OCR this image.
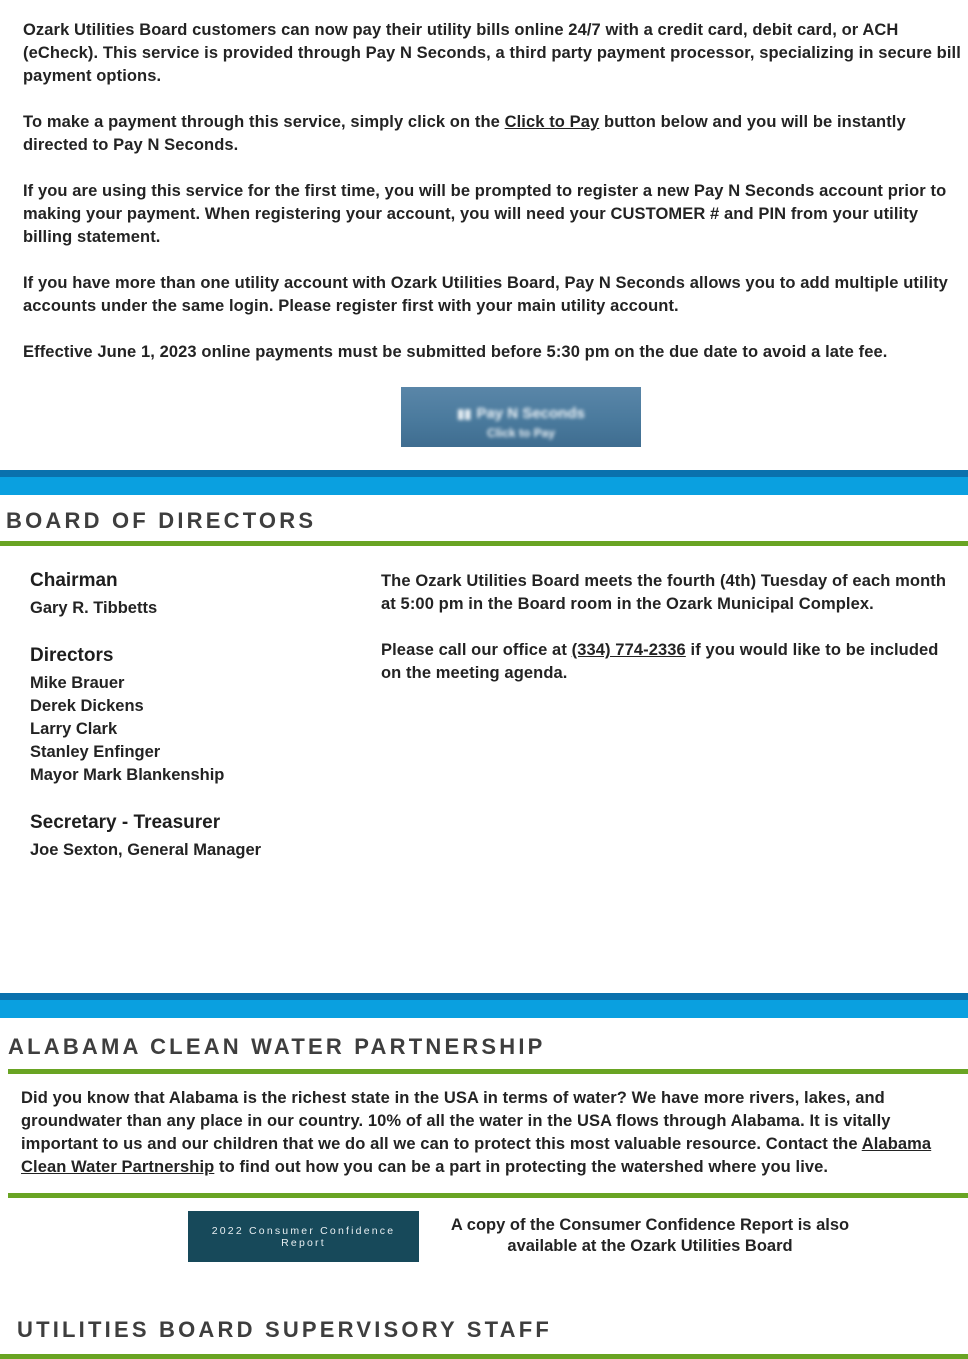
Ozark Utilities Board customers can now pay their utility bills online 24/7 with a credit card, debit card, or ACH (eCheck). This service is provided through Pay N Seconds, a third party payment processor, specializing in secure bill payment options.

To make a payment through this service, simply click on the Click to Pay button below and you will be instantly directed to Pay N Seconds.

If you are using this service for the first time, you will be prompted to register a new Pay N Seconds account prior to making your payment. When registering your account, you will need your CUSTOMER # and PIN from your utility billing statement.

If you have more than one utility account with Ozark Utilities Board, Pay N Seconds allows you to add multiple utility accounts under the same login. Please register first with your main utility account.

Effective June 1, 2023 online payments must be submitted before 5:30 pm on the due date to avoid a late fee.

▮▮ Pay N Seconds
Click to Pay
BOARD OF DIRECTORS
Chairman
Gary R. Tibbetts
Directors
Mike Brauer
Derek Dickens
Larry Clark
Stanley Enfinger
Mayor Mark Blankenship
Secretary - Treasurer
Joe Sexton, General Manager

The Ozark Utilities Board meets the fourth (4th) Tuesday of each month at 5:00 pm in the Board room in the Ozark Municipal Complex.

Please call our office at (334) 774-2336 if you would like to be included on the meeting agenda.

ALABAMA CLEAN WATER PARTNERSHIP

Did you know that Alabama is the richest state in the USA in terms of water? We have more rivers, lakes, and groundwater than any place in our country. 10% of all the water in the USA flows through Alabama. It is vitally important to us and our children that we do all we can to protect this most valuable resource. Contact the Alabama Clean Water Partnership to find out how you can be a part in protecting the watershed where you live.

2022 Consumer Confidence Report
A copy of the Consumer Confidence Report is also available at the Ozark Utilities Board
UTILITIES BOARD SUPERVISORY STAFF
